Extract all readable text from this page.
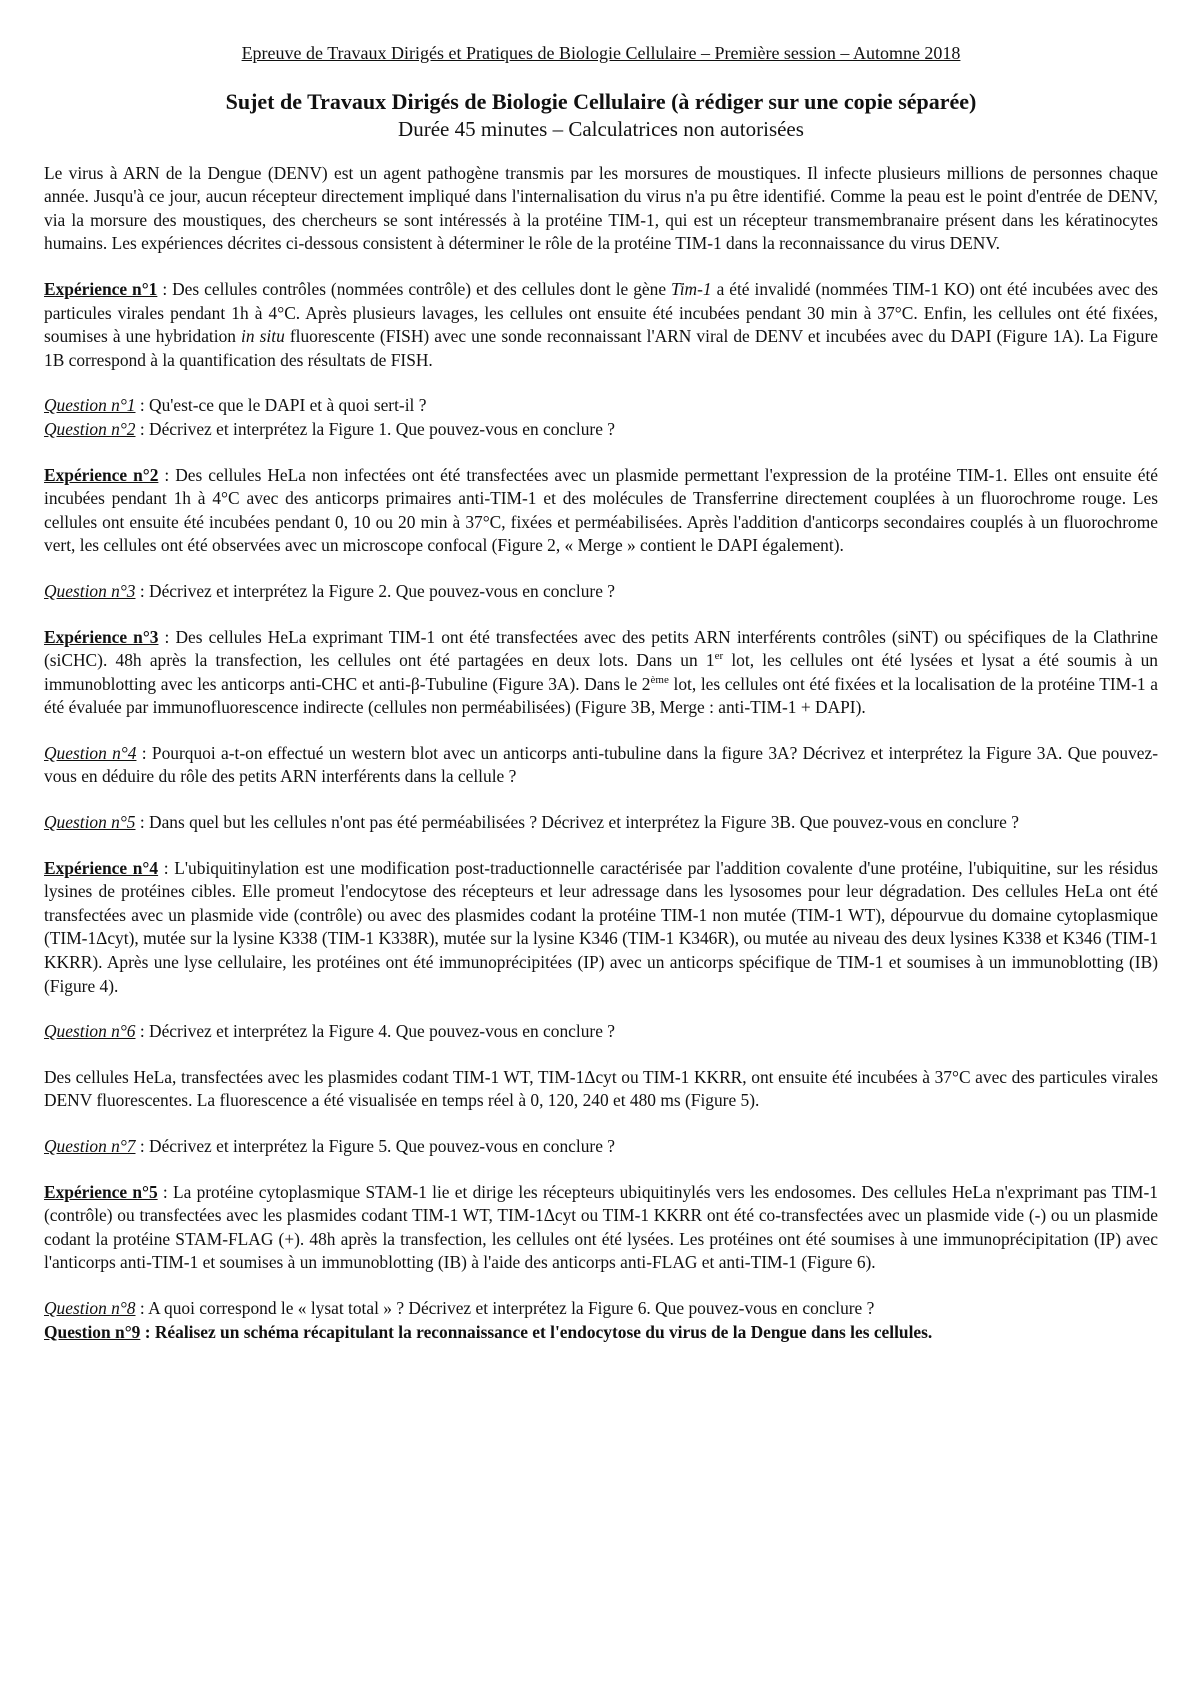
Epreuve de Travaux Dirigés et Pratiques de Biologie Cellulaire – Première session – Automne 2018
Sujet de Travaux Dirigés de Biologie Cellulaire (à rédiger sur une copie séparée)
Durée 45 minutes – Calculatrices non autorisées

Le virus à ARN de la Dengue (DENV) est un agent pathogène transmis par les morsures de moustiques. Il infecte plusieurs millions de personnes chaque année. Jusqu'à ce jour, aucun récepteur directement impliqué dans l'internalisation du virus n'a pu être identifié. Comme la peau est le point d'entrée de DENV, via la morsure des moustiques, des chercheurs se sont intéressés à la protéine TIM-1, qui est un récepteur transmembranaire présent dans les kératinocytes humains. Les expériences décrites ci-dessous consistent à déterminer le rôle de la protéine TIM-1 dans la reconnaissance du virus DENV.

Expérience n°1 : Des cellules contrôles (nommées contrôle) et des cellules dont le gène Tim-1 a été invalidé (nommées TIM-1 KO) ont été incubées avec des particules virales pendant 1h à 4°C. Après plusieurs lavages, les cellules ont ensuite été incubées pendant 30 min à 37°C. Enfin, les cellules ont été fixées, soumises à une hybridation in situ fluorescente (FISH) avec une sonde reconnaissant l'ARN viral de DENV et incubées avec du DAPI (Figure 1A). La Figure 1B correspond à la quantification des résultats de FISH.

Question n°1 : Qu'est-ce que le DAPI et à quoi sert-il ?

Question n°2 : Décrivez et interprétez la Figure 1. Que pouvez-vous en conclure ?

Expérience n°2 : Des cellules HeLa non infectées ont été transfectées avec un plasmide permettant l'expression de la protéine TIM-1. Elles ont ensuite été incubées pendant 1h à 4°C avec des anticorps primaires anti-TIM-1 et des molécules de Transferrine directement couplées à un fluorochrome rouge. Les cellules ont ensuite été incubées pendant 0, 10 ou 20 min à 37°C, fixées et perméabilisées. Après l'addition d'anticorps secondaires couplés à un fluorochrome vert, les cellules ont été observées avec un microscope confocal (Figure 2, « Merge » contient le DAPI également).

Question n°3 : Décrivez et interprétez la Figure 2. Que pouvez-vous en conclure ?

Expérience n°3 : Des cellules HeLa exprimant TIM-1 ont été transfectées avec des petits ARN interférents contrôles (siNT) ou spécifiques de la Clathrine (siCHC). 48h après la transfection, les cellules ont été partagées en deux lots. Dans un 1er lot, les cellules ont été lysées et lysat a été soumis à un immunoblotting avec les anticorps anti-CHC et anti-β-Tubuline (Figure 3A). Dans le 2ème lot, les cellules ont été fixées et la localisation de la protéine TIM-1 a été évaluée par immunofluorescence indirecte (cellules non perméabilisées) (Figure 3B, Merge : anti-TIM-1 + DAPI).

Question n°4 : Pourquoi a-t-on effectué un western blot avec un anticorps anti-tubuline dans la figure 3A? Décrivez et interprétez la Figure 3A. Que pouvez-vous en déduire du rôle des petits ARN interférents dans la cellule ?

Question n°5 : Dans quel but les cellules n'ont pas été perméabilisées ? Décrivez et interprétez la Figure 3B. Que pouvez-vous en conclure ?

Expérience n°4 : L'ubiquitinylation est une modification post-traductionnelle caractérisée par l'addition covalente d'une protéine, l'ubiquitine, sur les résidus lysines de protéines cibles. Elle promeut l'endocytose des récepteurs et leur adressage dans les lysosomes pour leur dégradation. Des cellules HeLa ont été transfectées avec un plasmide vide (contrôle) ou avec des plasmides codant la protéine TIM-1 non mutée (TIM-1 WT), dépourvue du domaine cytoplasmique (TIM-1Δcyt), mutée sur la lysine K338 (TIM-1 K338R), mutée sur la lysine K346 (TIM-1 K346R), ou mutée au niveau des deux lysines K338 et K346 (TIM-1 KKRR). Après une lyse cellulaire, les protéines ont été immunoprécipitées (IP) avec un anticorps spécifique de TIM-1 et soumises à un immunoblotting (IB) (Figure 4).

Question n°6 : Décrivez et interprétez la Figure 4. Que pouvez-vous en conclure ?

Des cellules HeLa, transfectées avec les plasmides codant TIM-1 WT, TIM-1Δcyt ou TIM-1 KKRR, ont ensuite été incubées à 37°C avec des particules virales DENV fluorescentes. La fluorescence a été visualisée en temps réel à 0, 120, 240 et 480 ms (Figure 5).

Question n°7 : Décrivez et interprétez la Figure 5. Que pouvez-vous en conclure ?

Expérience n°5 : La protéine cytoplasmique STAM-1 lie et dirige les récepteurs ubiquitinylés vers les endosomes. Des cellules HeLa n'exprimant pas TIM-1 (contrôle) ou transfectées avec les plasmides codant TIM-1 WT, TIM-1Δcyt ou TIM-1 KKRR ont été co-transfectées avec un plasmide vide (-) ou un plasmide codant la protéine STAM-FLAG (+). 48h après la transfection, les cellules ont été lysées. Les protéines ont été soumises à une immunoprécipitation (IP) avec l'anticorps anti-TIM-1 et soumises à un immunoblotting (IB) à l'aide des anticorps anti-FLAG et anti-TIM-1 (Figure 6).

Question n°8 : A quoi correspond le « lysat total » ? Décrivez et interprétez la Figure 6. Que pouvez-vous en conclure ?

Question n°9 : Réalisez un schéma récapitulant la reconnaissance et l'endocytose du virus de la Dengue dans les cellules.
